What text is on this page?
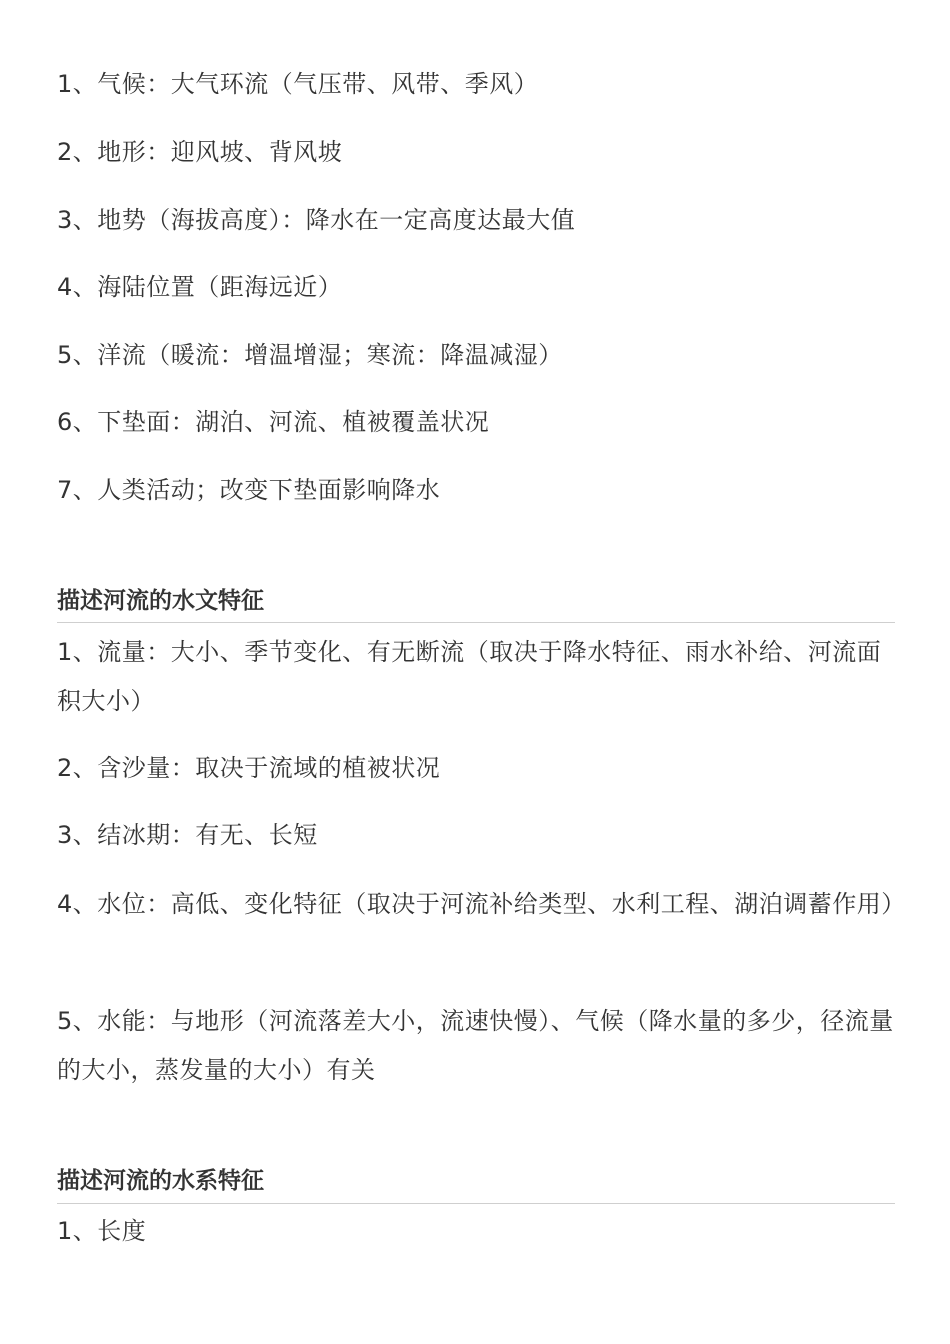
1、气候：大气环流（气压带、风带、季风）

2、地形：迎风坡、背风坡

3、地势（海拔高度）：降水在一定高度达最大值

4、海陆位置（距海远近）

5、洋流（暖流：增温增湿；寒流：降温减湿）

6、下垫面：湖泊、河流、植被覆盖状况

7、人类活动；改变下垫面影响降水

描述河流的水文特征

1、流量：大小、季节变化、有无断流（取决于降水特征、雨水补给、河流面积大小）

2、含沙量：取决于流域的植被状况

3、结冰期：有无、长短

4、水位：高低、变化特征（取决于河流补给类型、水利工程、湖泊调蓄作用）

5、水能：与地形（河流落差大小，流速快慢）、气候（降水量的多少，径流量的大小，蒸发量的大小）有关

描述河流的水系特征

1、长度
